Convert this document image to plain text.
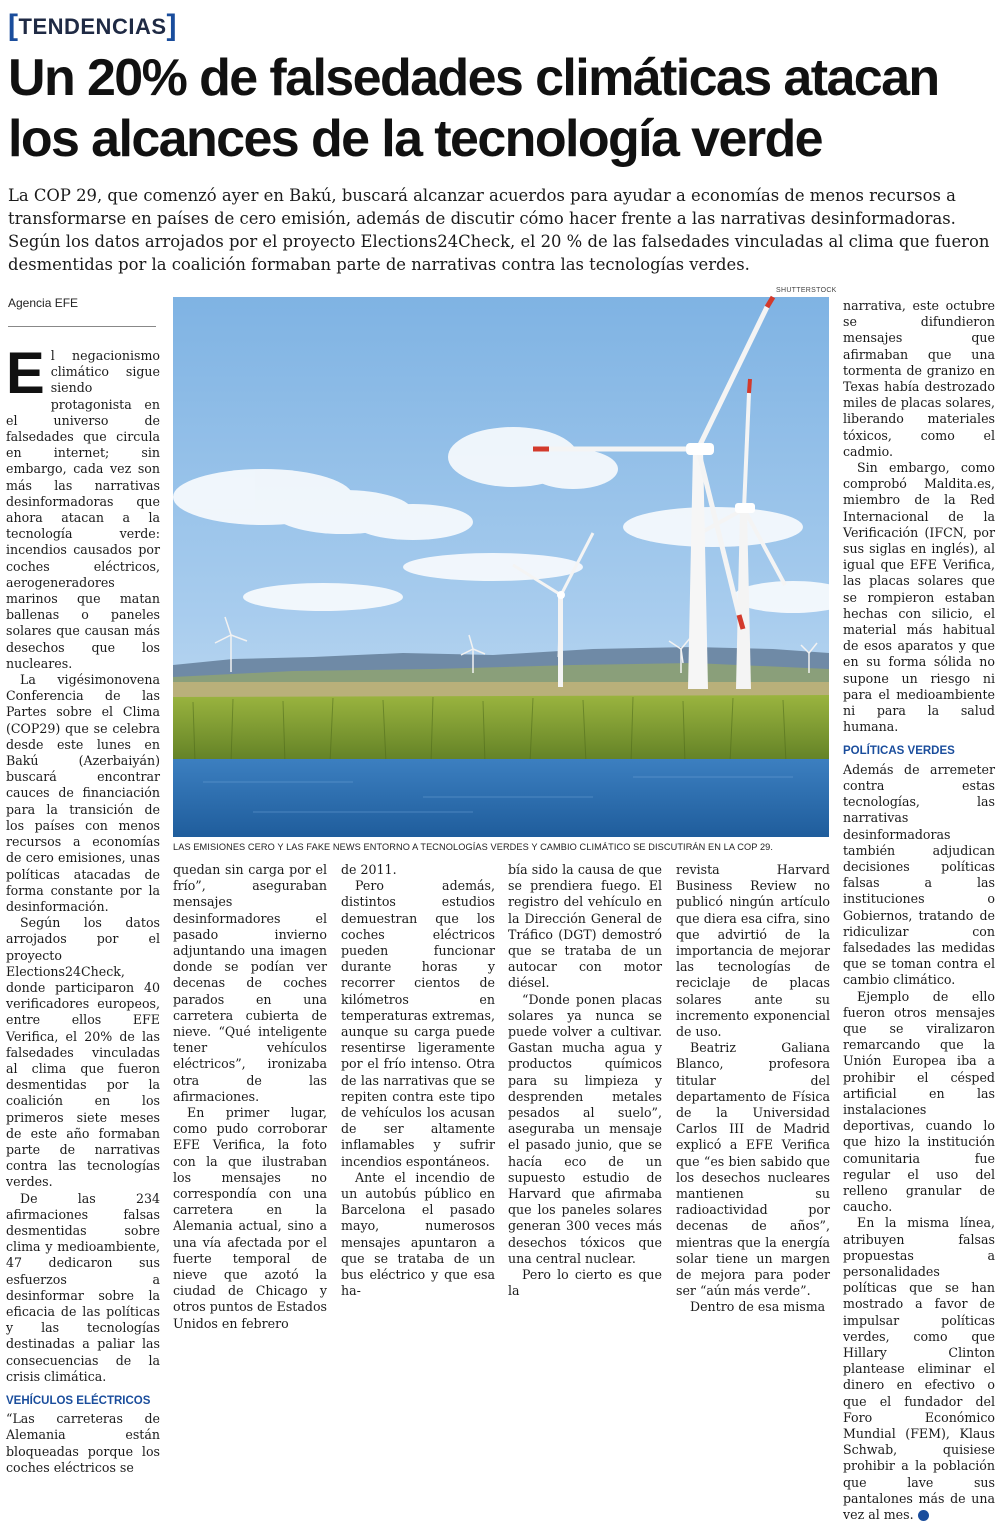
[TENDENCIAS]
Un 20% de falsedades climáticas atacan los alcances de la tecnología verde

La COP 29, que comenzó ayer en Bakú, buscará alcanzar acuerdos para ayudar a economías de menos recursos a transformarse en países de cero emisión, además de discutir cómo hacer frente a las narrativas desinformadoras. Según los datos arrojados por el proyecto Elections24Check, el 20 % de las falsedades vinculadas al clima que fueron desmentidas por la coalición formaban parte de narrativas contra las tecnologías verdes.

Agencia EFE
SHUTTERSTOCK
LAS EMISIONES CERO Y LAS FAKE NEWS ENTORNO A TECNOLOGÍAS VERDES Y CAMBIO CLIMÁTICO SE DISCUTIRÁN EN LA COP 29.

El negacionismo climático sigue siendo protagonista en el universo de falsedades que circula en internet; sin embargo, cada vez son más las narrativas desinformadoras que ahora atacan a la tecnología verde: incendios causados por coches eléctricos, aerogeneradores marinos que matan ballenas o paneles solares que causan más desechos que los nucleares.

La vigésimonovena Conferencia de las Partes sobre el Clima (COP29) que se celebra desde este lunes en Bakú (Azerbaiyán) buscará encontrar cauces de financiación para la transición de los países con menos recursos a economías de cero emisiones, unas políticas atacadas de forma constante por la desinformación.

Según los datos arrojados por el proyecto Elections24Check, donde participaron 40 verificadores europeos, entre ellos EFE Verifica, el 20% de las falsedades vinculadas al clima que fueron desmentidas por la coalición en los primeros siete meses de este año formaban parte de narrativas contra las tecnologías verdes.

De las 234 afirmaciones falsas desmentidas sobre clima y medioambiente, 47 dedicaron sus esfuerzos a desinformar sobre la eficacia de las políticas y las tecnologías destinadas a paliar las consecuencias de la crisis climática.

VEHÍCULOS ELÉCTRICOS

“Las carreteras de Alemania están bloqueadas porque los coches eléctricos se

quedan sin carga por el frío”, aseguraban mensajes desinformadores el pasado invierno adjuntando una imagen donde se podían ver decenas de coches parados en una carretera cubierta de nieve. “Qué inteligente tener vehículos eléctricos”, ironizaba otra de las afirmaciones.

En primer lugar, como pudo corroborar EFE Verifica, la foto con la que ilustraban los mensajes no correspondía con una carretera en la Alemania actual, sino a una vía afectada por el fuerte temporal de nieve que azotó la ciudad de Chicago y otros puntos de Estados Unidos en febrero

de 2011.

Pero además, distintos estudios demuestran que los coches eléctricos pueden funcionar durante horas y recorrer cientos de kilómetros en temperaturas extremas, aunque su carga puede resentirse ligeramente por el frío intenso. Otra de las narrativas que se repiten contra este tipo de vehículos los acusan de ser altamente inflamables y sufrir incendios espontáneos.

Ante el incendio de un autobús público en Barcelona el pasado mayo, numerosos mensajes apuntaron a que se trataba de un bus eléctrico y que esa ha-

bía sido la causa de que se prendiera fuego. El registro del vehículo en la Dirección General de Tráfico (DGT) demostró que se trataba de un autocar con motor diésel.

“Donde ponen placas solares ya nunca se puede volver a cultivar. Gastan mucha agua y productos químicos para su limpieza y desprenden metales pesados al suelo”, aseguraba un mensaje el pasado junio, que se hacía eco de un supuesto estudio de Harvard que afirmaba que los paneles solares generan 300 veces más desechos tóxicos que una central nuclear.

Pero lo cierto es que la

revista Harvard Business Review no publicó ningún artículo que diera esa cifra, sino que advirtió de la importancia de mejorar las tecnologías de reciclaje de placas solares ante su incremento exponencial de uso.

Beatriz Galiana Blanco, profesora titular del departamento de Física de la Universidad Carlos III de Madrid explicó a EFE Verifica que “es bien sabido que los desechos nucleares mantienen su radioactividad por decenas de años”, mientras que la energía solar tiene un margen de mejora para poder ser “aún más verde”.

Dentro de esa misma

narrativa, este octubre se difundieron mensajes que afirmaban que una tormenta de granizo en Texas había destrozado miles de placas solares, liberando materiales tóxicos, como el cadmio.

Sin embargo, como comprobó Maldita.es, miembro de la Red Internacional de la Verificación (IFCN, por sus siglas en inglés), al igual que EFE Verifica, las placas solares que se rompieron estaban hechas con silicio, el material más habitual de esos aparatos y que en su forma sólida no supone un riesgo ni para el medioambiente ni para la salud humana.

POLÍTICAS VERDES

Además de arremeter contra estas tecnologías, las narrativas desinformadoras también adjudican decisiones políticas falsas a las instituciones o Gobiernos, tratando de ridiculizar con falsedades las medidas que se toman contra el cambio climático.

Ejemplo de ello fueron otros mensajes que se viralizaron remarcando que la Unión Europea iba a prohibir el césped artificial en las instalaciones deportivas, cuando lo que hizo la institución comunitaria fue regular el uso del relleno granular de caucho.

En la misma línea, atribuyen falsas propuestas a personalidades políticas que se han mostrado a favor de impulsar políticas verdes, como que Hillary Clinton plantease eliminar el dinero en efectivo o que el fundador del Foro Económico Mundial (FEM), Klaus Schwab, quisiese prohibir a la población que lave sus pantalones más de una vez al mes. ✪
